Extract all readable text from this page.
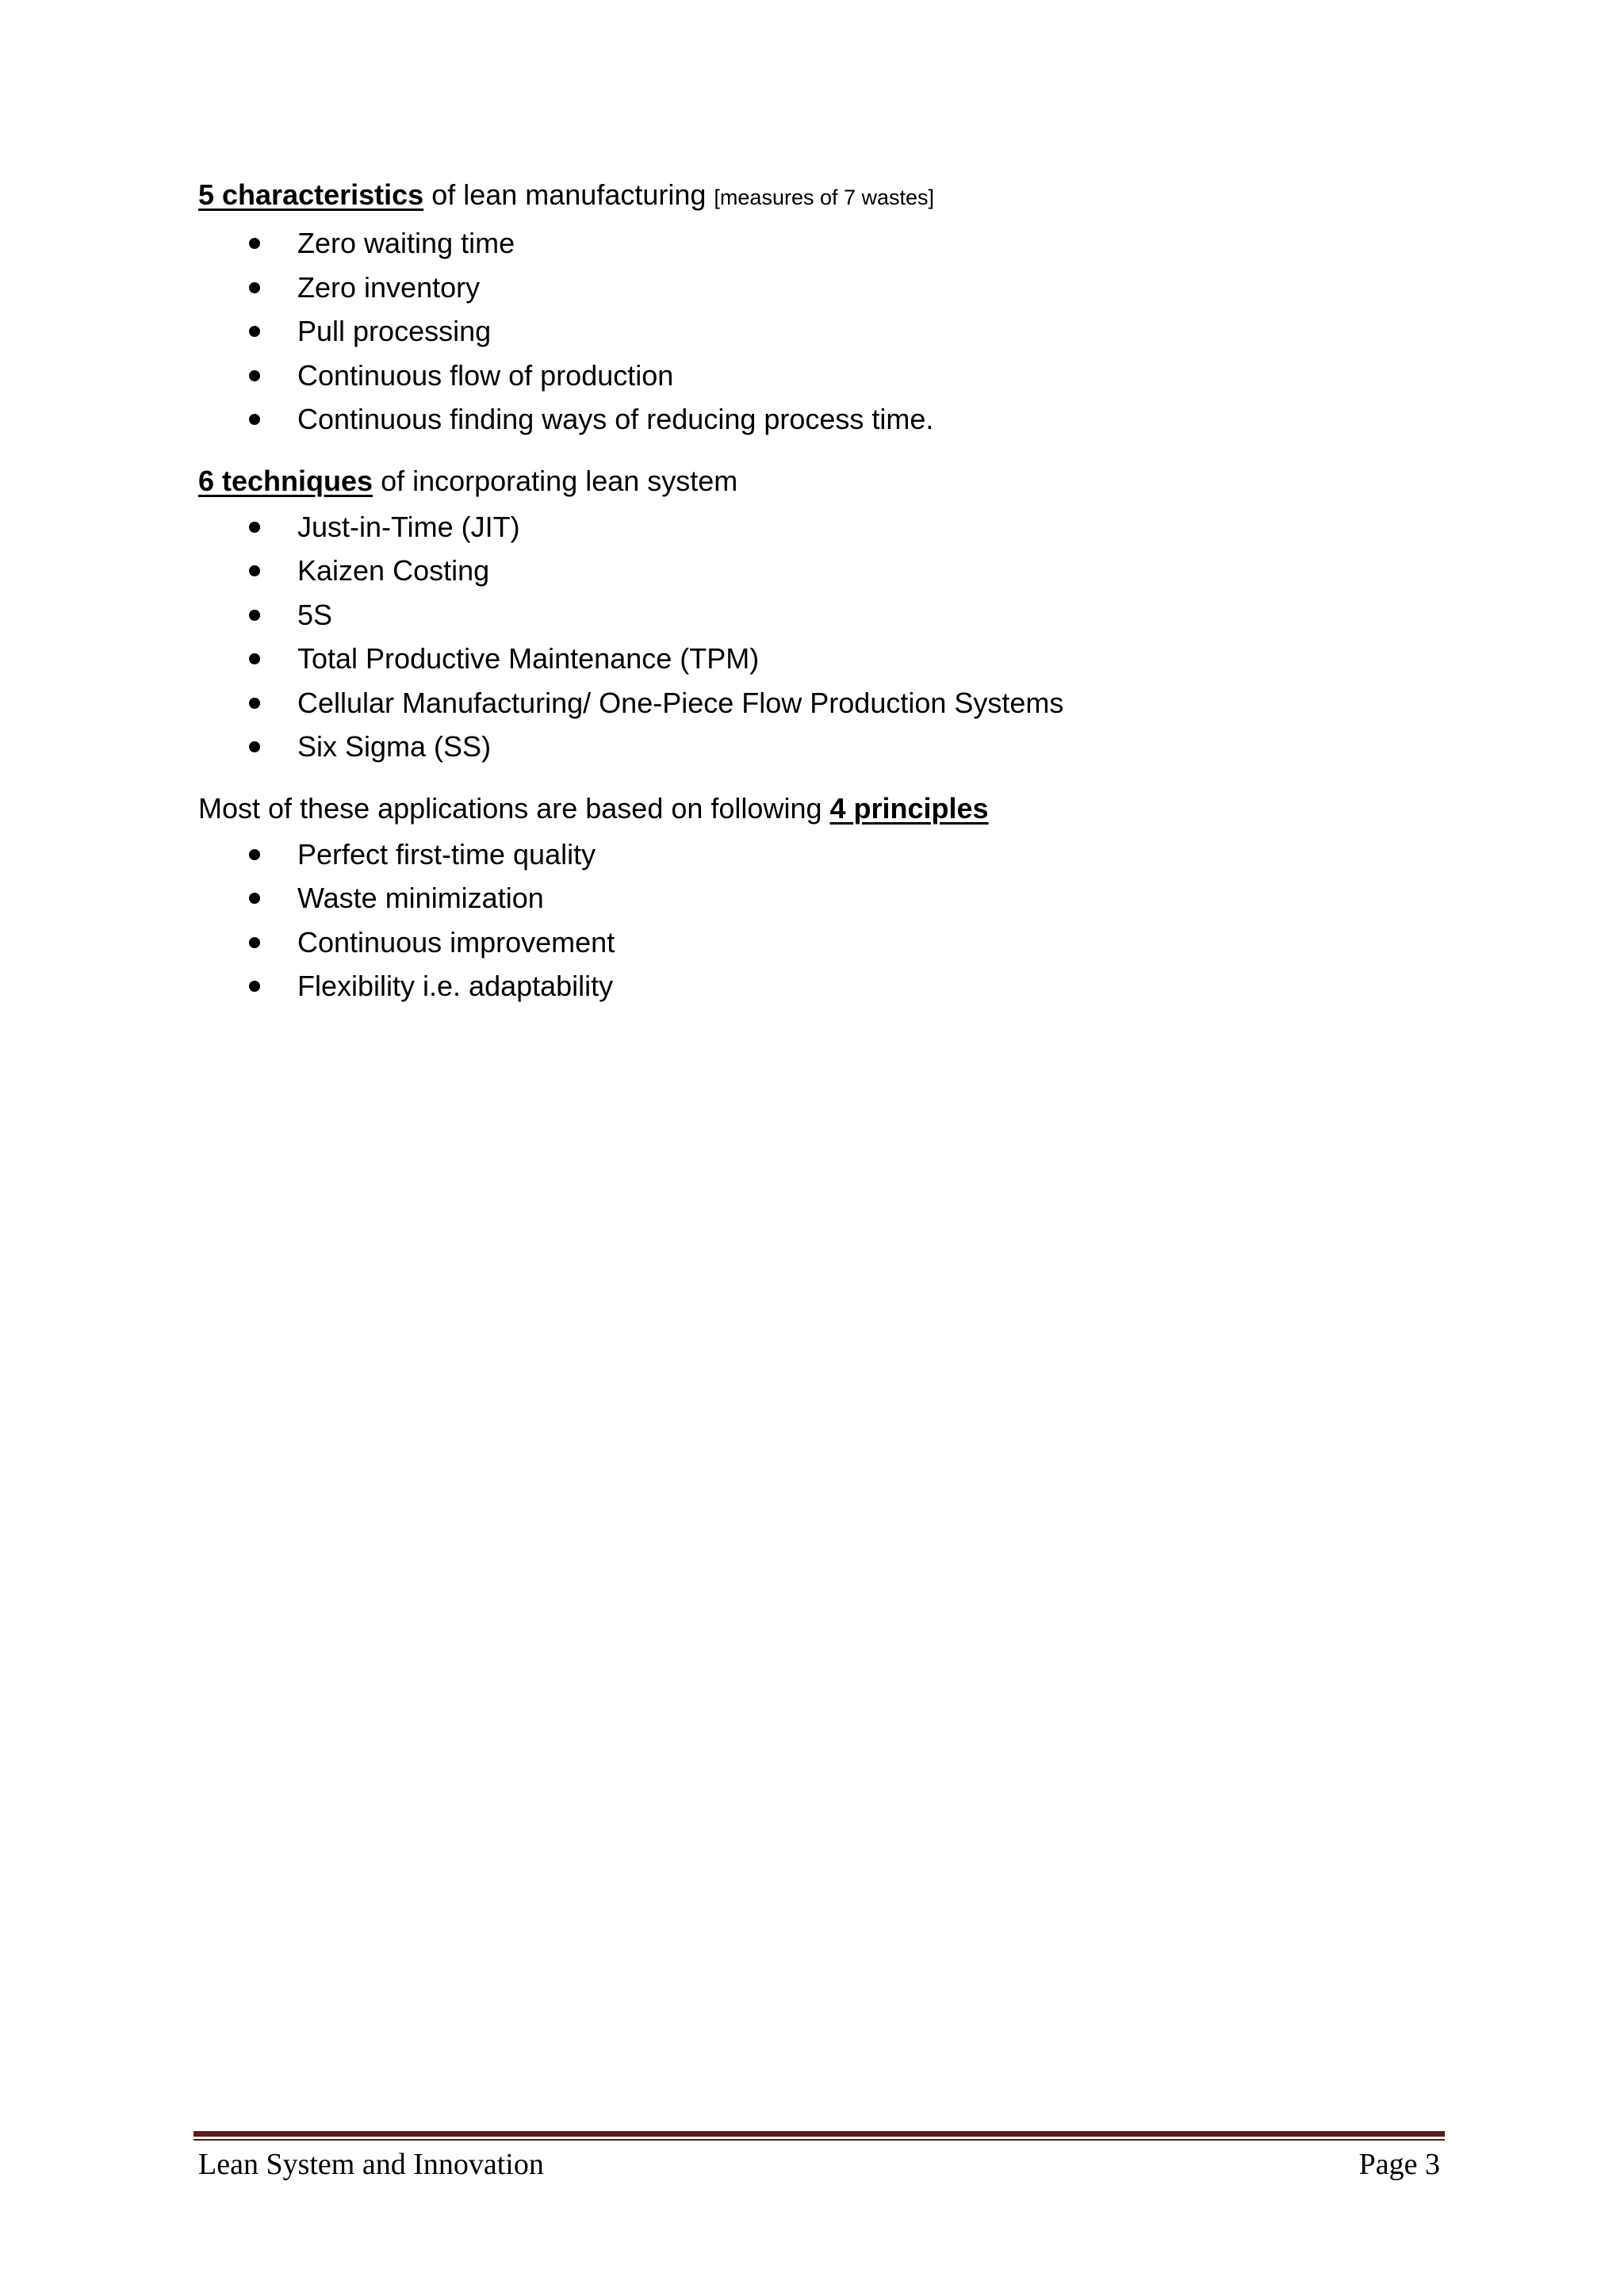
5 characteristics of lean manufacturing [measures of 7 wastes]

Zero waiting time
Zero inventory
Pull processing
Continuous flow of production
Continuous finding ways of reducing process time.

6 techniques of incorporating lean system

Just-in-Time (JIT)
Kaizen Costing
5S
Total Productive Maintenance (TPM)
Cellular Manufacturing/ One-Piece Flow Production Systems
Six Sigma (SS)

Most of these applications are based on following 4 principles

Perfect first-time quality
Waste minimization
Continuous improvement
Flexibility i.e. adaptability
Lean System and Innovation	Page 3
